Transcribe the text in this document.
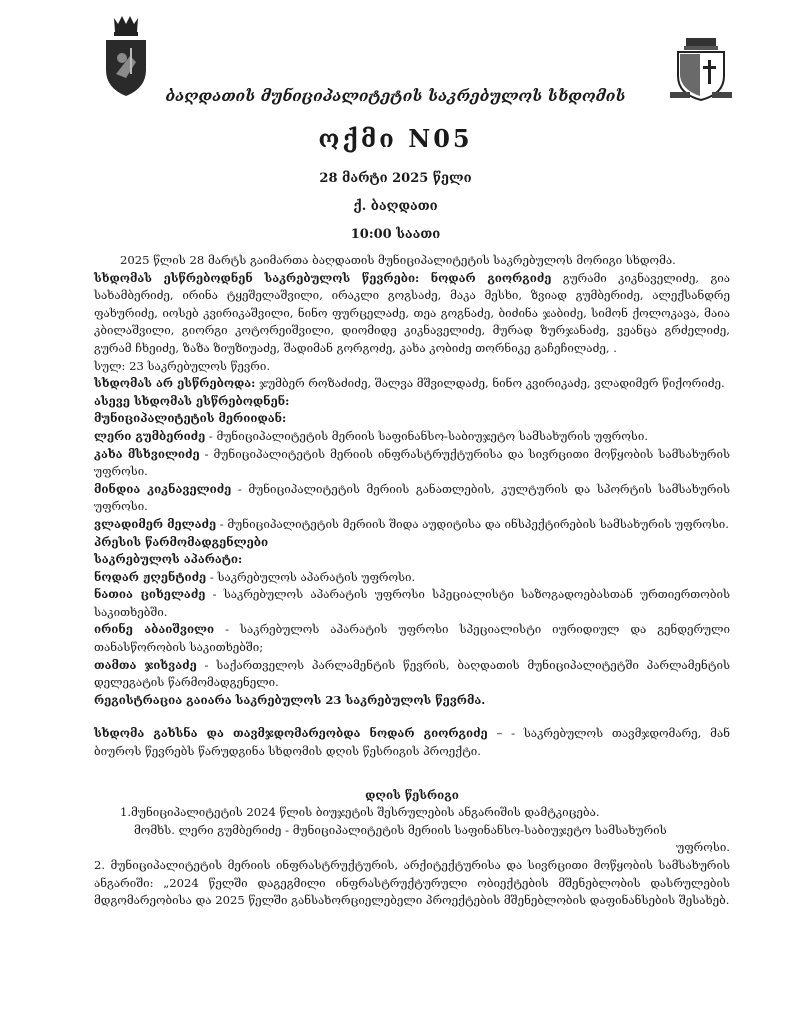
ბაღდათის მუნიციპალიტეტის საკრებულოს სხდომის
ოქმი N05
28 მარტი 2025 წელი
ქ. ბაღდათი
10:00 საათი

2025 წლის 28 მარტს გაიმართა ბაღდათის მუნიციპალიტეტის საკრებულოს მორიგი სხდომა.

სხდომას ესწრებოდნენ საკრებულოს წევრები: ნოდარ გიორგიძე გურამი კიკნაველიძე, გია სახამბერიძე, ირინა ტყეშელაშვილი, ირაკლი გოგსაძე, მაკა მესხი, ზვიად გუმბერიძე, ალექსანდრე ფახურიძე, იოსებ კვირიკაშვილი, ნინო ფურცელაძე, თეა გოგნაძე, ბიძინა ჯაბიძე, სიმონ ქოლოკავა, მაია კბილაშვილი, გიორგი კოტორეიშვილი, დიომიდე კიკნაველიძე, მურად ზურჯანაძე, ვეანცა გრძელიძე, გურამ ჩხეიძე, ზაზა ზიუზიუაძე, შადიმან გორგოძე, კახა კობიძე თორნიკე გაჩეჩილაძე, .

სულ: 23 საკრებულოს წევრი.

სხდომას არ ესწრებოდა: ჯუმბერ როზაძიძე, შალვა მშვილდაძე, ნინო კვირიკაძე, ვლადიმერ წიქორიძე.

ასევე სხდომას ესწრებოდნენ:

მუნიციპალიტეტის მერიიდან:

ლერი გუმბერიძე - მუნიციპალიტეტის მერიის საფინანსო-საბიუჯეტო სამსახურის უფროსი.

კახა მსხვილიძე - მუნიციპალიტეტის მერიის ინფრასტრუქტურისა და სივრცითი მოწყობის სამსახურის უფროსი.

მინდია კიკნაველიძე - მუნიციპალიტეტის მერიის განათლების, კულტურის და სპორტის სამსახურის უფროსი.

ვლადიმერ მელაძე - მუნიციპალიტეტის მერიის შიდა აუდიტისა და ინსპექტირების სამსახურის უფროსი.

პრესის წარმომადგენლები

საკრებულოს აპარატი:

ნოდარ ჟღენტიძე - საკრებულოს აპარატის უფროსი.

ნათია ციხელაძე - საკრებულოს აპარატის უფროსი სპეციალისტი საზოგადოებასთან ურთიერთობის საკითხებში.

ირინე აბაიშვილი - საკრებულოს აპარატის უფროსი სპეციალისტი იურიდიულ და გენდერული თანასწორობის საკითხებში;

თამთა ჯიხვაძე - საქართველოს პარლამენტის წევრის, ბაღდათის მუნიციპალიტეტში პარლამენტის დელეგატის წარმომადგენელი.

რეგისტრაცია გაიარა საკრებულოს 23 საკრებულოს წევრმა.

სხდომა გახსნა და თავმჯდომარეობდა ნოდარ გიორგიძე – - საკრებულოს თავმჯდომარე, მან ბიუროს წევრებს წარუდგინა სხდომის დღის წესრიგის პროექტი.

დღის წესრიგი

1.მუნიციპალიტეტის 2024 წლის ბიუჯეტის შესრულების ანგარიშის დამტკიცება.

მომხს. ლერი გუმბერიძე - მუნიციპალიტეტის მერიის საფინანსო-საბიუჯეტო სამსახურის

უფროსი.

2. მუნიციპალიტეტის მერიის ინფრასტრუქტურის, არქიტექტურისა და სივრცითი მოწყობის სამსახურის ანგარიში: „2024 წელში დაგეგმილი ინფრასტრუქტურული ობიექტების მშენებლობის დასრულების მდგომარეობისა და 2025 წელში განსახორციელებელი პროექტების მშენებლობის დაფინანსების შესახებ.
